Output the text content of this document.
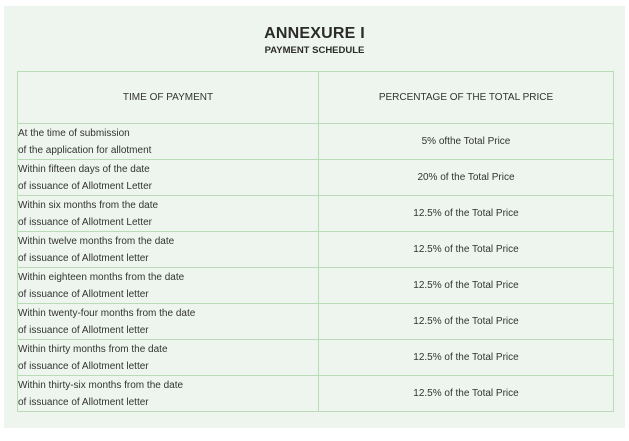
ANNEXURE I
PAYMENT SCHEDULE
TIME OF PAYMENT	PERCENTAGE OF THE TOTAL PRICE

At the time of submission
of the application for allotment	5% ofthe Total Price

Within fifteen days of the date
of issuance of Allotment Letter	20% of the Total Price

Within six months from the date
of issuance of Allotment Letter	12.5% of the Total Price

Within twelve months from the date
of issuance of Allotment letter	12.5% of the Total Price

Within eighteen months from the date
of issuance of Allotment letter	12.5% of the Total Price

Within twenty-four months from the date
of issuance of Allotment letter	12.5% of the Total Price

Within thirty months from the date
of issuance of Allotment letter	12.5% of the Total Price

Within thirty-six months from the date
of issuance of Allotment letter	12.5% of the Total Price
